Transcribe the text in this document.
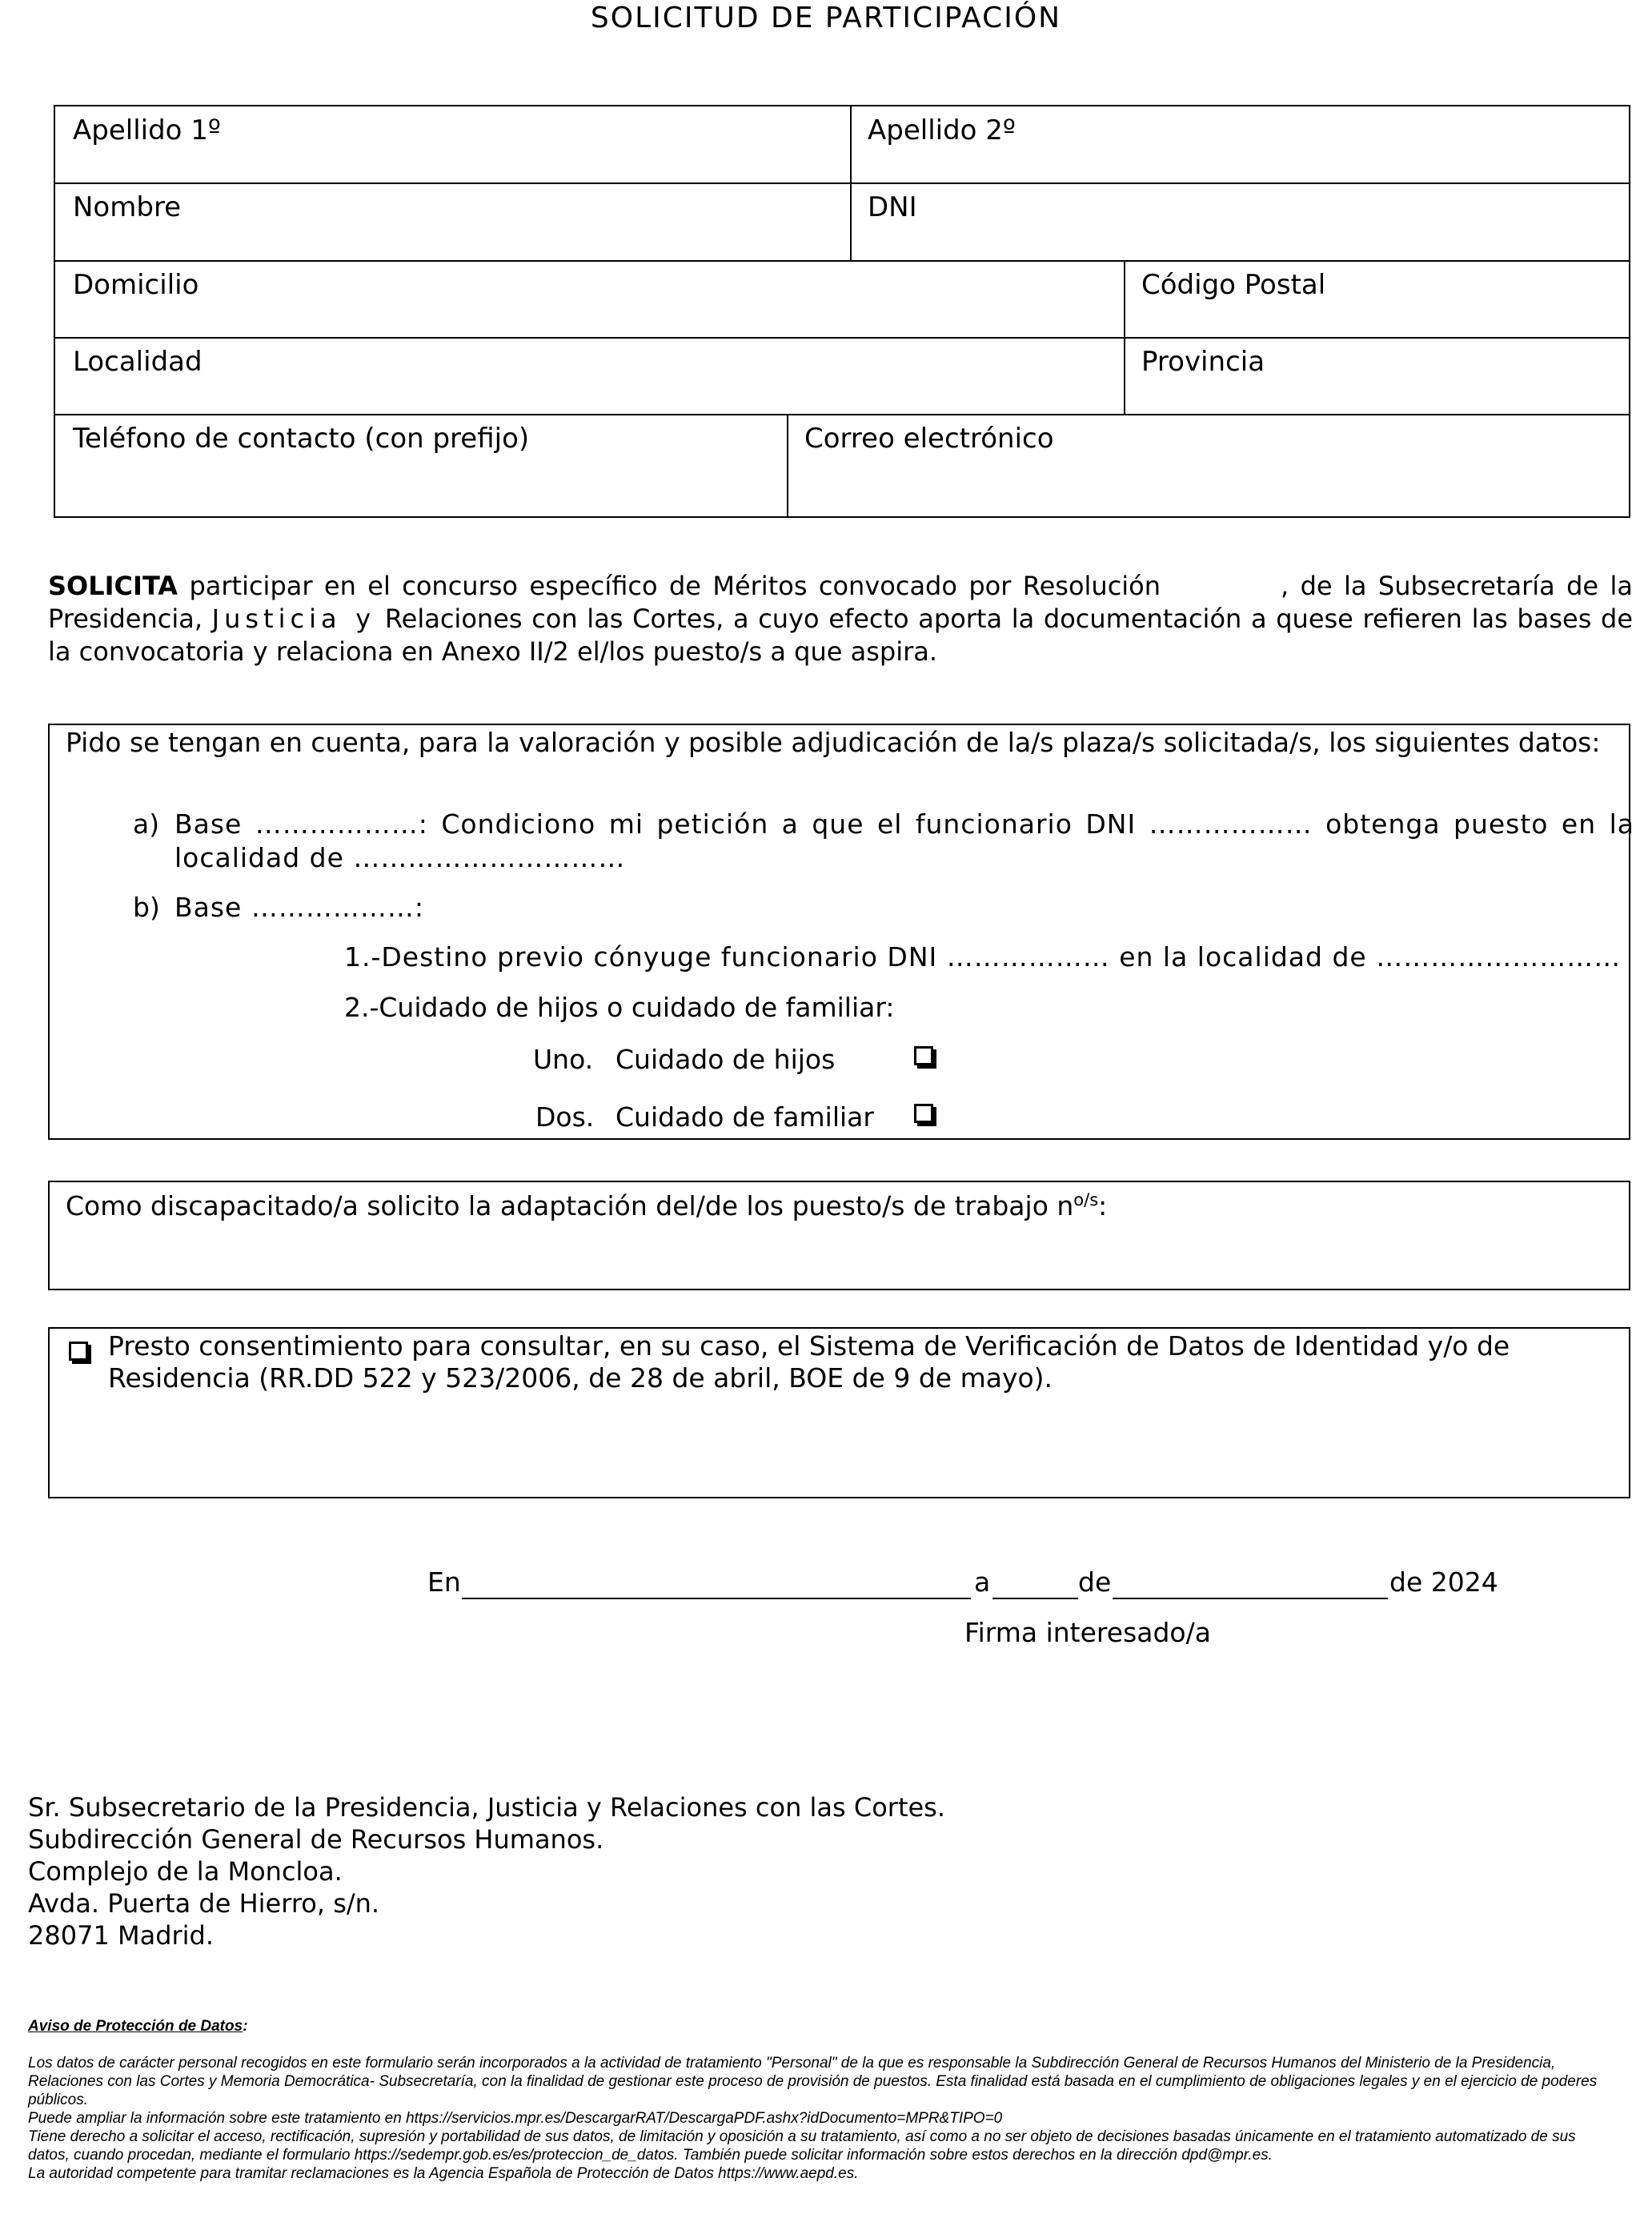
SOLICITUD DE PARTICIPACIÓN
Apellido 1º	Apellido 2º
Nombre	DNI
Domicilio	Código Postal
Localidad	Provincia
Teléfono de contacto (con prefijo)	Correo electrónico
SOLICITA participar en el concurso específico de Méritos convocado por Resolución	, de la Subsecretaría de la Presidencia, Justicia y Relaciones con las Cortes, a cuyo efecto aporta la documentación a quese refieren las bases de la convocatoria y relaciona en Anexo II/2 el/los puesto/s a que aspira.
Pido se tengan en cuenta, para la valoración y posible adjudicación de la/s plaza/s solicitada/s, los siguientes datos:
a) Base ………………: Condiciono mi petición a que el funcionario DNI ……………… obtenga puesto en la
localidad de …………………………
b) Base ………………:
1.-Destino previo cónyuge funcionario DNI ……………… en la localidad de ………………………
2.-Cuidado de hijos o cuidado de familiar:
Uno. Cuidado de hijos
Dos. Cuidado de familiar
Como discapacitado/a solicito la adaptación del/de los puesto/s de trabajo $n^{o/s}$:
Presto consentimiento para consultar, en su caso, el Sistema de Verificación de Datos de Identidad y/o de Residencia (RR.DD 522 y 523/2006, de 28 de abril, BOE de 9 de mayo).
En	a	de	de 2024
Firma interesado/a
Sr. Subsecretario de la Presidencia, Justicia y Relaciones con las Cortes.
Subdirección General de Recursos Humanos.
Complejo de la Moncloa.
Avda. Puerta de Hierro, s/n.
28071 Madrid.
Aviso de Protección de Datos:
Los datos de carácter personal recogidos en este formulario serán incorporados a la actividad de tratamiento "Personal" de la que es responsable la Subdirección General de Recursos Humanos del Ministerio de la Presidencia, Relaciones con las Cortes y Memoria Democrática- Subsecretaría, con la finalidad de gestionar este proceso de provisión de puestos. Esta finalidad está basada en el cumplimiento de obligaciones legales y en el ejercicio de poderes públicos.
Puede ampliar la información sobre este tratamiento en https://servicios.mpr.es/DescargarRAT/DescargaPDF.ashx?idDocumento=MPR&TIPO=0
Tiene derecho a solicitar el acceso, rectificación, supresión y portabilidad de sus datos, de limitación y oposición a su tratamiento, así como a no ser objeto de decisiones basadas únicamente en el tratamiento automatizado de sus datos, cuando procedan, mediante el formulario https://sedempr.gob.es/es/proteccion_de_datos. También puede solicitar información sobre estos derechos en la dirección dpd@mpr.es.
La autoridad competente para tramitar reclamaciones es la Agencia Española de Protección de Datos https://www.aepd.es.
